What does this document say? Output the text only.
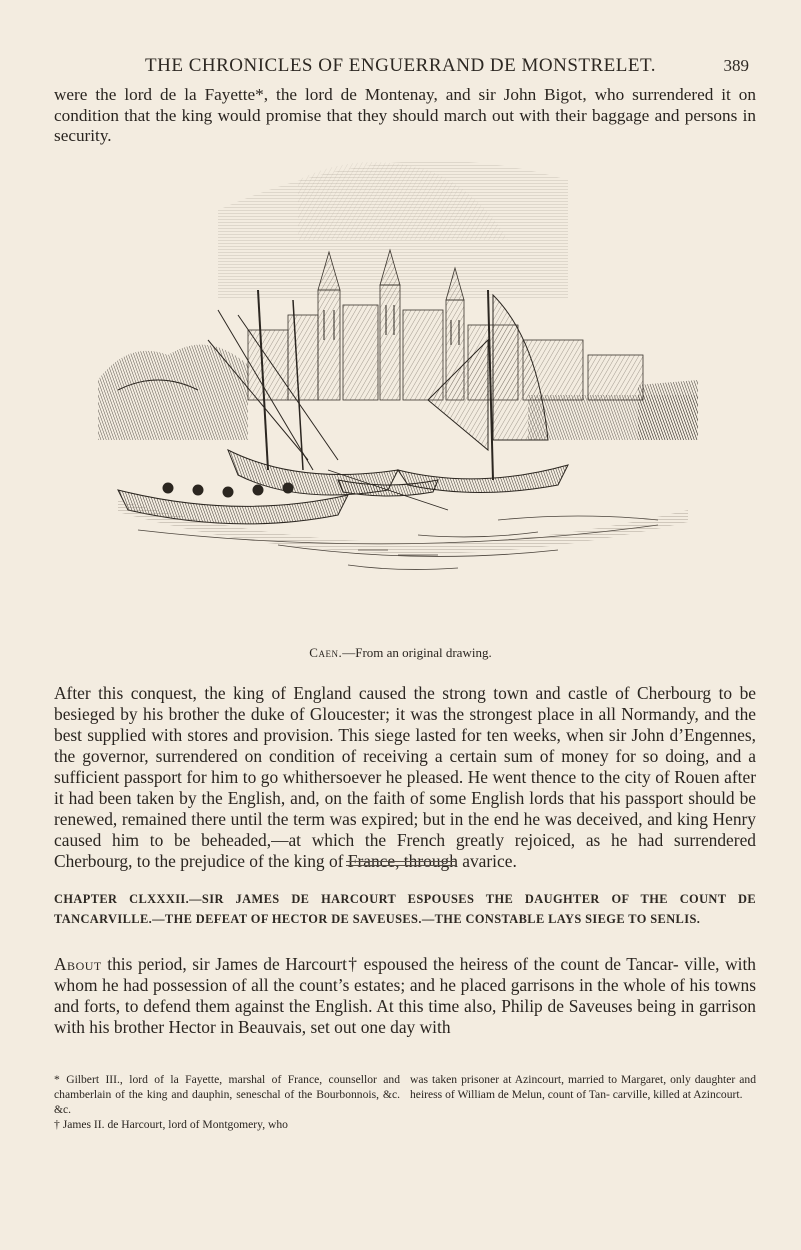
THE CHRONICLES OF ENGUERRAND DE MONSTRELET.	389

were the lord de la Fayette*, the lord de Montenay, and sir John Bigot, who surrendered it on condition that the king would promise that they should march out with their baggage and persons in security.

Caen.—From an original drawing.

After this conquest, the king of England caused the strong town and castle of Cherbourg to be besieged by his brother the duke of Gloucester; it was the strongest place in all Normandy, and the best supplied with stores and provision. This siege lasted for ten weeks, when sir John d’Engennes, the governor, surrendered on condition of receiving a certain sum of money for so doing, and a sufficient passport for him to go whithersoever he pleased. He went thence to the city of Rouen after it had been taken by the English, and, on the faith of some English lords that his passport should be renewed, remained there until the term was expired; but in the end he was deceived, and king Henry caused him to be beheaded,—at which the French greatly rejoiced, as he had surrendered Cherbourg, to the prejudice of the king of France, through avarice.

CHAPTER CLXXXII.—SIR JAMES DE HARCOURT ESPOUSES THE DAUGHTER OF THE COUNT DE TANCARVILLE.—THE DEFEAT OF HECTOR DE SAVEUSES.—THE CONSTABLE LAYS SIEGE TO SENLIS.

About this period, sir James de Harcourt† espoused the heiress of the count de Tancar- ville, with whom he had possession of all the count’s estates; and he placed garrisons in the whole of his towns and forts, to defend them against the English. At this time also, Philip de Saveuses being in garrison with his brother Hector in Beauvais, set out one day with

* Gilbert III., lord of la Fayette, marshal of France, counsellor and chamberlain of the king and dauphin, seneschal of the Bourbonnois, &c. &c.

† James II. de Harcourt, lord of Montgomery, who

was taken prisoner at Azincourt, married to Margaret, only daughter and heiress of William de Melun, count of Tan- carville, killed at Azincourt.
